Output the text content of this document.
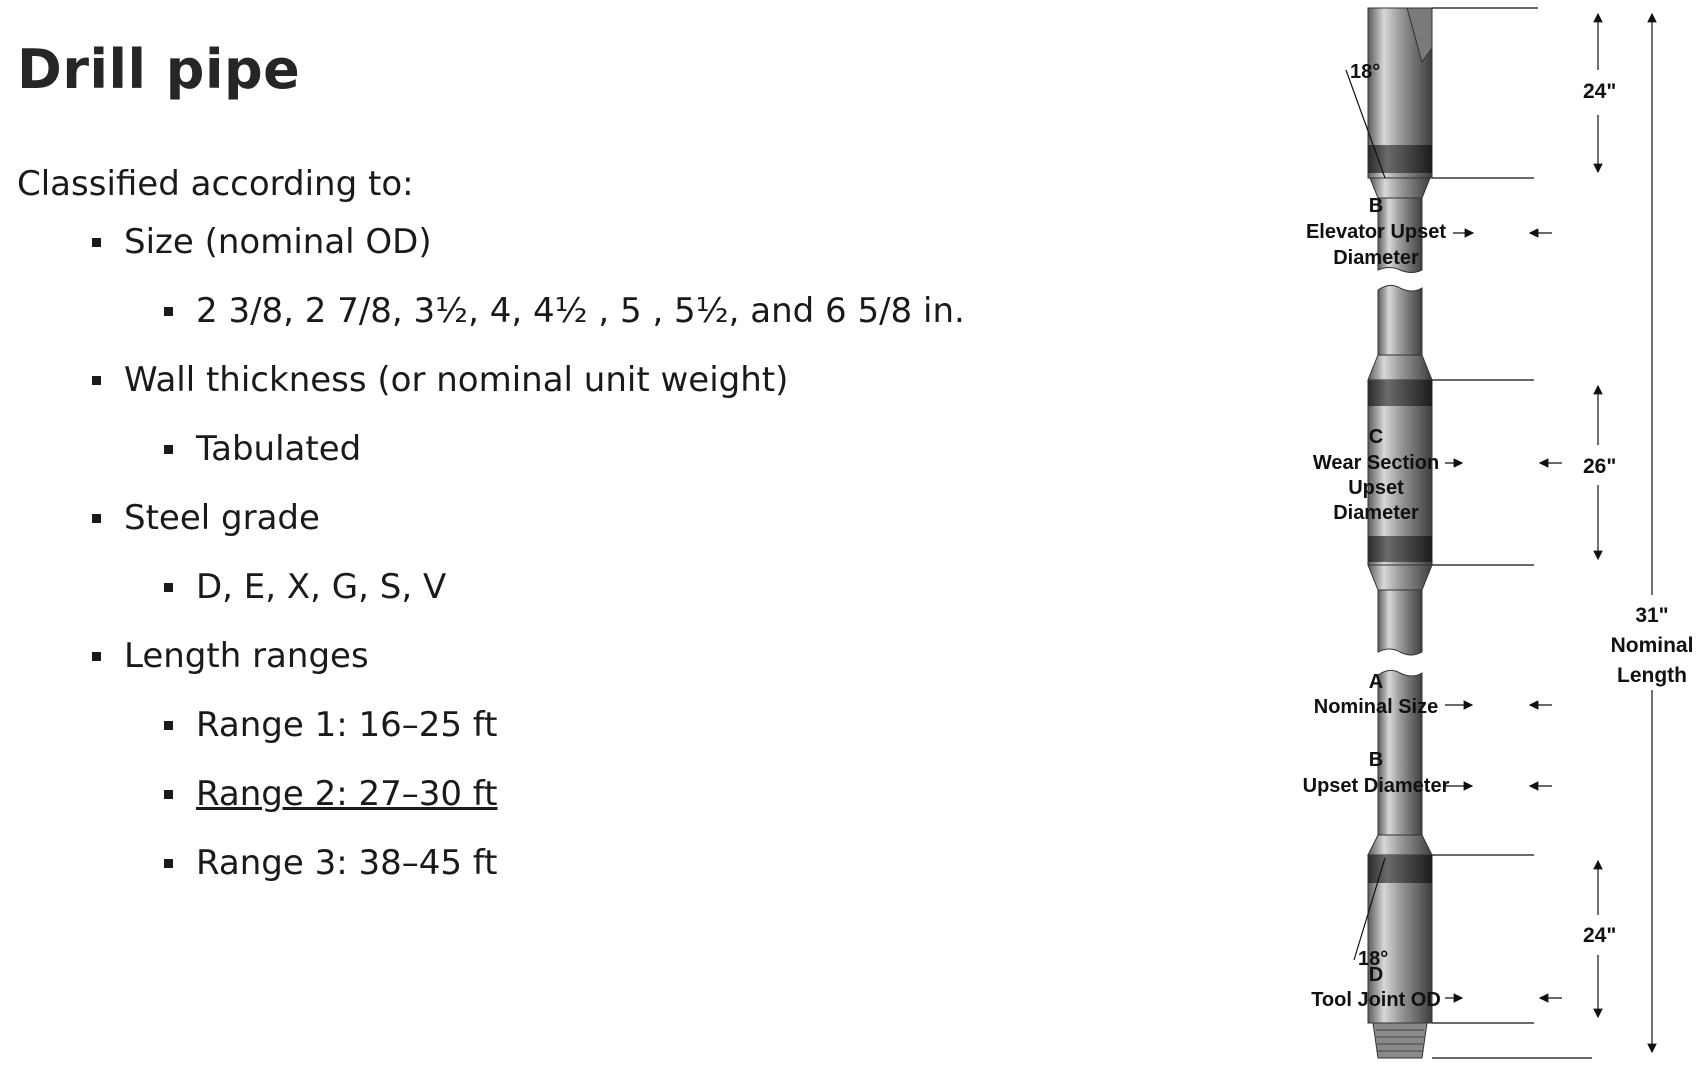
Drill pipe
Classified according to:
Size (nominal OD)
2 3/8, 2 7/8, 3½, 4, 4½ , 5 , 5½, and 6 5/8 in.
Wall thickness (or nominal unit weight)
Tabulated
Steel grade
D, E, X, G, S, V
Length ranges
Range 1: 16–25 ft
Range 2: 27–30 ft
Range 3: 38–45 ft
18°
18°
24"
26"
24"
31"
Nominal
Length
B
Elevator Upset
Diameter
C
Wear Section
Upset
Diameter
A
Nominal Size
B
Upset Diameter
D
Tool Joint OD
